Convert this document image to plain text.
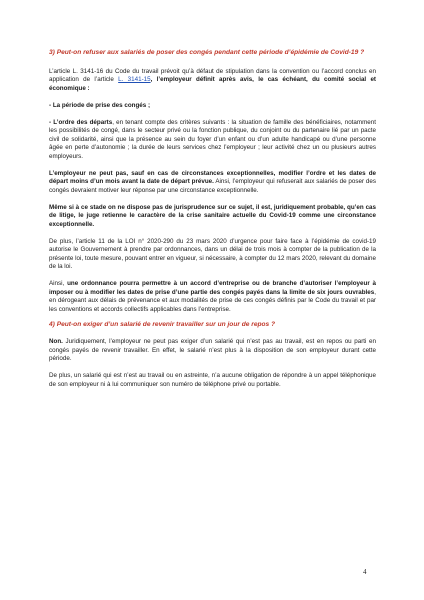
3) Peut-on refuser aux salariés de poser des congés pendant cette période d’épidémie de Covid-19 ?

L’article L. 3141-16 du Code du travail prévoit qu’à défaut de stipulation dans la convention ou l’accord conclus en application de l’article L. 3141-15, l’employeur définit après avis, le cas échéant, du comité social et économique :

- La période de prise des congés ;

- L’ordre des départs, en tenant compte des critères suivants : la situation de famille des bénéficiaires, notamment les possibilités de congé, dans le secteur privé ou la fonction publique, du conjoint ou du partenaire lié par un pacte civil de solidarité, ainsi que la présence au sein du foyer d’un enfant ou d’un adulte handicapé ou d’une personne âgée en perte d’autonomie ; la durée de leurs services chez l’employeur ; leur activité chez un ou plusieurs autres employeurs.

L’employeur ne peut pas, sauf en cas de circonstances exceptionnelles, modifier l’ordre et les dates de départ moins d’un mois avant la date de départ prévue. Ainsi, l’employeur qui refuserait aux salariés de poser des congés devraient motiver leur réponse par une circonstance exceptionnelle.

Même si à ce stade on ne dispose pas de jurisprudence sur ce sujet, il est, juridiquement probable, qu’en cas de litige, le juge retienne le caractère de la crise sanitaire actuelle du Covid-19 comme une circonstance exceptionnelle.

De plus, l’article 11 de la LOI n° 2020-290 du 23 mars 2020 d’urgence pour faire face à l’épidémie de covid-19 autorise le Gouvernement à prendre par ordonnances, dans un délai de trois mois à compter de la publication de la présente loi, toute mesure, pouvant entrer en vigueur, si nécessaire, à compter du 12 mars 2020, relevant du domaine de la loi.

Ainsi, une ordonnance pourra permettre à un accord d’entreprise ou de branche d’autoriser l’employeur à imposer ou à modifier les dates de prise d’une partie des congés payés dans la limite de six jours ouvrables, en dérogeant aux délais de prévenance et aux modalités de prise de ces congés définis par le Code du travail et par les conventions et accords collectifs applicables dans l’entreprise.

4) Peut-on exiger d’un salarié de revenir travailler sur un jour de repos ?

Non. Juridiquement, l’employeur ne peut pas exiger d’un salarié qui n’est pas au travail, est en repos ou parti en congés payés de revenir travailler. En effet, le salarié n’est plus à la disposition de son employeur durant cette période.

De plus, un salarié qui est n’est au travail ou en astreinte, n’a aucune obligation de répondre à un appel téléphonique de son employeur ni à lui communiquer son numéro de téléphone privé ou portable.

4
